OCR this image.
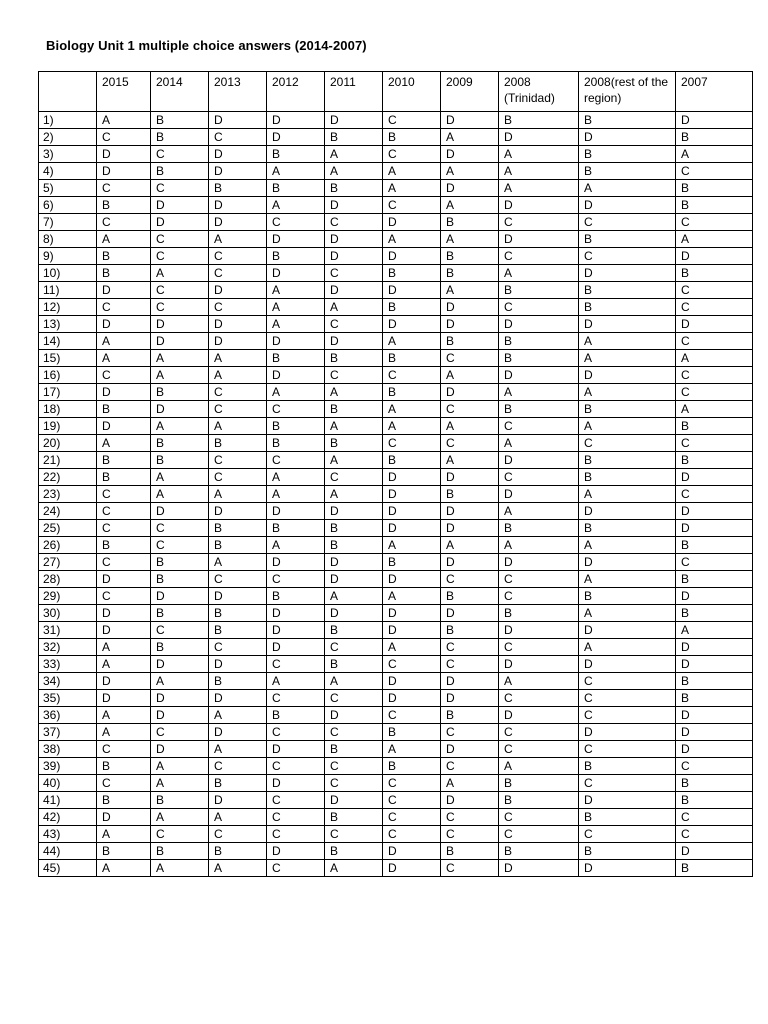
Biology Unit 1 multiple choice answers (2014-2007)
	2015	2014	2013	2012	2011	2010	2009	2008 (Trinidad)	2008(rest of the region)	2007
1)	A	B	D	D	D	C	D	B	B	D
2)	C	B	C	D	B	B	A	D	D	B
3)	D	C	D	B	A	C	D	A	B	A
4)	D	B	D	A	A	A	A	A	B	C
5)	C	C	B	B	B	A	D	A	A	B
6)	B	D	D	A	D	C	A	D	D	B
7)	C	D	D	C	C	D	B	C	C	C
8)	A	C	A	D	D	A	A	D	B	A
9)	B	C	C	B	D	D	B	C	C	D
10)	B	A	C	D	C	B	B	A	D	B
11)	D	C	D	A	D	D	A	B	B	C
12)	C	C	C	A	A	B	D	C	B	C
13)	D	D	D	A	C	D	D	D	D	D
14)	A	D	D	D	D	A	B	B	A	C
15)	A	A	A	B	B	B	C	B	A	A
16)	C	A	A	D	C	C	A	D	D	C
17)	D	B	C	A	A	B	D	A	A	C
18)	B	D	C	C	B	A	C	B	B	A
19)	D	A	A	B	A	A	A	C	A	B
20)	A	B	B	B	B	C	C	A	C	C
21)	B	B	C	C	A	B	A	D	B	B
22)	B	A	C	A	C	D	D	C	B	D
23)	C	A	A	A	A	D	B	D	A	C
24)	C	D	D	D	D	D	D	A	D	D
25)	C	C	B	B	B	D	D	B	B	D
26)	B	C	B	A	B	A	A	A	A	B
27)	C	B	A	D	D	B	D	D	D	C
28)	D	B	C	C	D	D	C	C	A	B
29)	C	D	D	B	A	A	B	C	B	D
30)	D	B	B	D	D	D	D	B	A	B
31)	D	C	B	D	B	D	B	D	D	A
32)	A	B	C	D	C	A	C	C	A	D
33)	A	D	D	C	B	C	C	D	D	D
34)	D	A	B	A	A	D	D	A	C	B
35)	D	D	D	C	C	D	D	C	C	B
36)	A	D	A	B	D	C	B	D	C	D
37)	A	C	D	C	C	B	C	C	D	D
38)	C	D	A	D	B	A	D	C	C	D
39)	B	A	C	C	C	B	C	A	B	C
40)	C	A	B	D	C	C	A	B	C	B
41)	B	B	D	C	D	C	D	B	D	B
42)	D	A	A	C	B	C	C	C	B	C
43)	A	C	C	C	C	C	C	C	C	C
44)	B	B	B	D	B	D	B	B	B	D
45)	A	A	A	C	A	D	C	D	D	B
